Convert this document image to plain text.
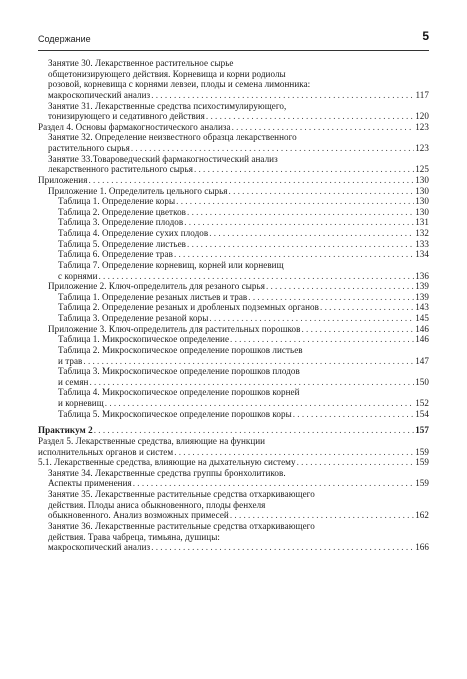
Содержание	5
Занятие 30. Лекарственное растительное сырье
общетонизирующего действия. Корневища и корни родиолы
розовой, корневища с корнями левзеи, плоды и семена лимонника:
макроскопический анализ . . .	117
Занятие 31. Лекарственные средства психостимулирующего,
тонизирующего и седативного действия . . .	120
Раздел 4. Основы фармакогностического анализа . . .	123
Занятие 32. Определение неизвестного образца лекарственного
растительного сырья . . .	123
Занятие 33.Товароведческий фармакогностический анализ
лекарственного растительного сырья . . .	125
Приложения . . .	130
Приложение 1. Определитель цельного сырья . . .	130
Таблица 1. Определение коры . . .	130
Таблица 2. Определение цветков . . .	130
Таблица 3. Определение плодов . . .	131
Таблица 4. Определение сухих плодов . . .	132
Таблица 5. Определение листьев . . .	133
Таблица 6. Определение трав . . .	134
Таблица 7. Определение корневищ, корней или корневищ
с корнями . . .	136
Приложение 2. Ключ-определитель для резаного сырья . . .	139
Таблица 1. Определение резаных листьев и трав . . .	139
Таблица 2. Определение резаных и дробленых подземных органов . . .	143
Таблица 3. Определение резаной коры . . .	145
Приложение 3. Ключ-определитель для растительных порошков . . .	146
Таблица 1. Микроскопическое определение . . .	146
Таблица 2. Микроскопическое определение порошков листьев
и трав . . .	147
Таблица 3. Микроскопическое определение порошков плодов
и семян . . .	150
Таблица 4. Микроскопическое определение порошков корней
и корневищ . . .	152
Таблица 5. Микроскопическое определение порошков коры . . .	154
Практикум 2 . . .	157
Раздел 5. Лекарственные средства, влияющие на функции
исполнительных органов и систем . . .	159
5.1. Лекарственные средства, влияющие на дыхательную систему . . .	159
Занятие 34. Лекарственные средства группы бронхолитиков.
Аспекты применения . . .	159
Занятие 35. Лекарственные растительные средства отхаркивающего
действия. Плоды аниса обыкновенного, плоды фенхеля
обыкновенного. Анализ возможных примесей . . .	162
Занятие 36. Лекарственные растительные средства отхаркивающего
действия. Трава чабреца, тимьяна, душицы:
макроскопический анализ . . .	166
